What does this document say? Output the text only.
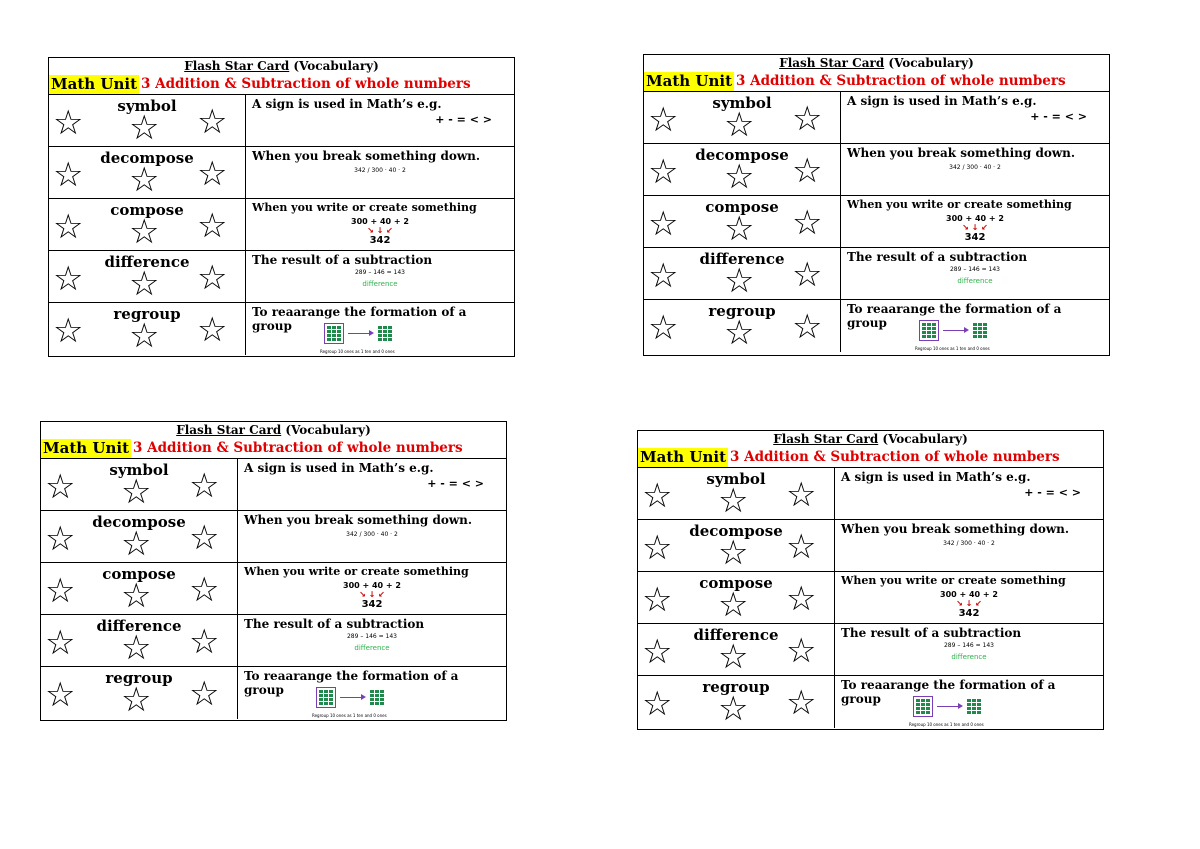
Flash Star Card (Vocabulary)
Math Unit 3 Addition & Subtraction of whole numbers
symbol
☆ ☆ ☆ A sign is used in Math’s e.g.
+ - = < >
decompose
☆ ☆ ☆ When you break something down.
342 / 300 · 40 · 2
compose
☆ ☆ ☆ When you write or create something
300 + 40 + 2
↘ ↓ ↙
342
difference
☆ ☆ ☆ The result of a subtraction
289 – 146 = 143
difference
regroup
☆ ☆ ☆ To reaarange the formation of a group
Regroup 10 ones as 1 ten and 0 ones
Flash Star Card (Vocabulary)
Math Unit 3 Addition & Subtraction of whole numbers
symbol
☆ ☆ ☆ A sign is used in Math’s e.g.
+ - = < >
decompose
☆ ☆ ☆ When you break something down.
342 / 300 · 40 · 2
compose
☆ ☆ ☆ When you write or create something
300 + 40 + 2
↘ ↓ ↙
342
difference
☆ ☆ ☆ The result of a subtraction
289 – 146 = 143
difference
regroup
☆ ☆ ☆ To reaarange the formation of a group
Regroup 10 ones as 1 ten and 0 ones
Flash Star Card (Vocabulary)
Math Unit 3 Addition & Subtraction of whole numbers
symbol
☆ ☆ ☆ A sign is used in Math’s e.g.
+ - = < >
decompose
☆ ☆ ☆ When you break something down.
342 / 300 · 40 · 2
compose
☆ ☆ ☆ When you write or create something
300 + 40 + 2
↘ ↓ ↙
342
difference
☆ ☆ ☆ The result of a subtraction
289 – 146 = 143
difference
regroup
☆ ☆ ☆ To reaarange the formation of a group
Regroup 10 ones as 1 ten and 0 ones
Flash Star Card (Vocabulary)
Math Unit 3 Addition & Subtraction of whole numbers
symbol
☆ ☆ ☆ A sign is used in Math’s e.g.
+ - = < >
decompose
☆ ☆ ☆ When you break something down.
342 / 300 · 40 · 2
compose
☆ ☆ ☆ When you write or create something
300 + 40 + 2
↘ ↓ ↙
342
difference
☆ ☆ ☆ The result of a subtraction
289 – 146 = 143
difference
regroup
☆ ☆ ☆ To reaarange the formation of a group
Regroup 10 ones as 1 ten and 0 ones
